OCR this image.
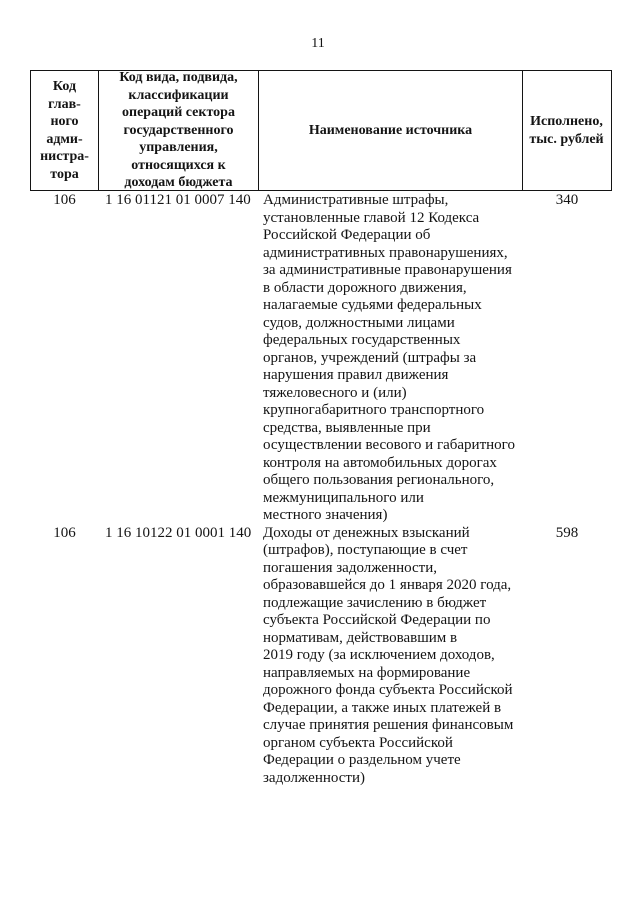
11
Код
глав-
ного
адми-
нистра-
тора
Код вида, подвида,
классификации
операций сектора
государственного
управления,
относящихся к
доходам бюджета
Наименование источника
Исполнено,
тыс. рублей
106	1 16 01121 01 0007 140 Административные штрафы,
установленные главой 12 Кодекса
Российской Федерации об
административных правонарушениях,
за административные правонарушения
в области дорожного движения,
налагаемые судьями федеральных
судов, должностными лицами
федеральных государственных
органов, учреждений (штрафы за
нарушения правил движения
тяжеловесного и (или)
крупногабаритного транспортного
средства, выявленные при
осуществлении весового и габаритного
контроля на автомобильных дорогах
общего пользования регионального,
межмуниципального или
местного значения)
340
106	1 16 10122 01 0001 140 Доходы от денежных взысканий
(штрафов), поступающие в счет
погашения задолженности,
образовавшейся до 1 января 2020 года,
подлежащие зачислению в бюджет
субъекта Российской Федерации по
нормативам, действовавшим в
2019 году (за исключением доходов,
направляемых на формирование
дорожного фонда субъекта Российской
Федерации, а также иных платежей в
случае принятия решения финансовым
органом субъекта Российской
Федерации о раздельном учете
задолженности)
598
